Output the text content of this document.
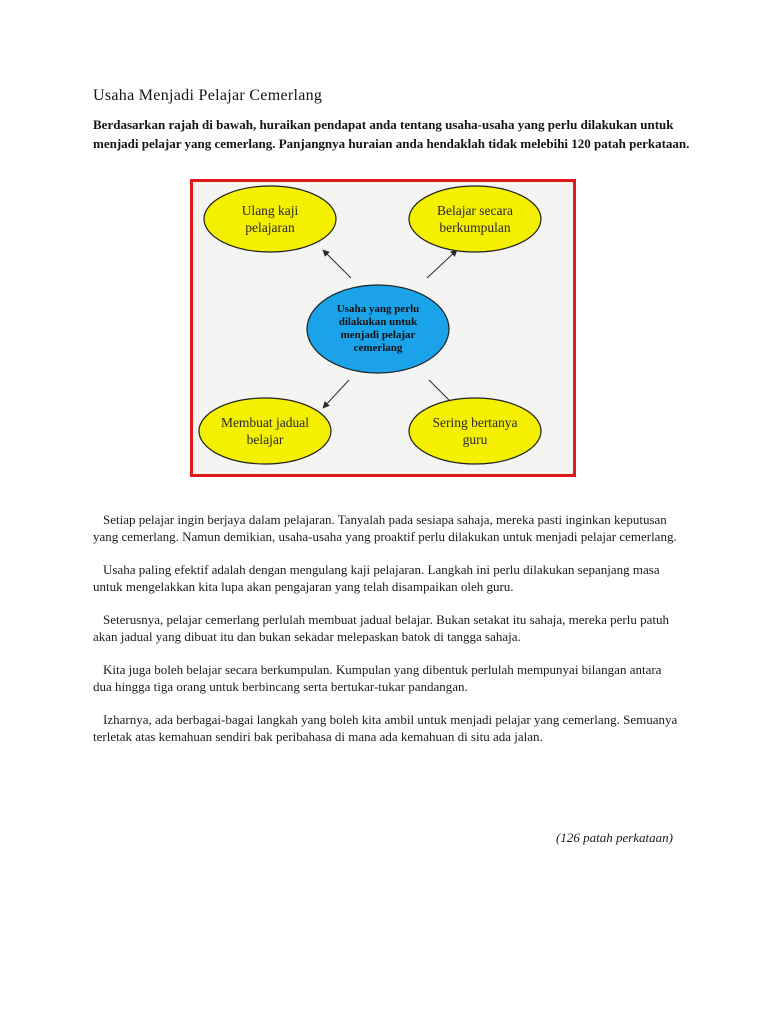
Usaha Menjadi Pelajar Cemerlang
Berdasarkan rajah di bawah, huraikan pendapat anda tentang usaha-usaha yang perlu dilakukan untuk menjadi pelajar yang cemerlang. Panjangnya huraian anda hendaklah tidak melebihi 120 patah perkataan.
Ulang kaji
pelajaran
Belajar secara
berkumpulan
Usaha yang perlu
dilakukan untuk
menjadi pelajar
cemerlang
Membuat jadual
belajar
Sering bertanya
guru

Setiap pelajar ingin berjaya dalam pelajaran. Tanyalah pada sesiapa sahaja, mereka pasti inginkan keputusan yang cemerlang. Namun demikian, usaha-usaha yang proaktif perlu dilakukan untuk menjadi pelajar cemerlang.

Usaha paling efektif adalah dengan mengulang kaji pelajaran. Langkah ini perlu dilakukan sepanjang masa untuk mengelakkan kita lupa akan pengajaran yang telah disampaikan oleh guru.

Seterusnya, pelajar cemerlang perlulah membuat jadual belajar. Bukan setakat itu sahaja, mereka perlu patuh akan jadual yang dibuat itu dan bukan sekadar melepaskan batok di tangga sahaja.

Kita juga boleh belajar secara berkumpulan. Kumpulan yang dibentuk perlulah mempunyai bilangan antara dua hingga tiga orang untuk berbincang serta bertukar-tukar pandangan.

Izharnya, ada berbagai-bagai langkah yang boleh kita ambil untuk menjadi pelajar yang cemerlang. Semuanya terletak atas kemahuan sendiri bak peribahasa di mana ada kemahuan di situ ada jalan.

(126 patah perkataan)
